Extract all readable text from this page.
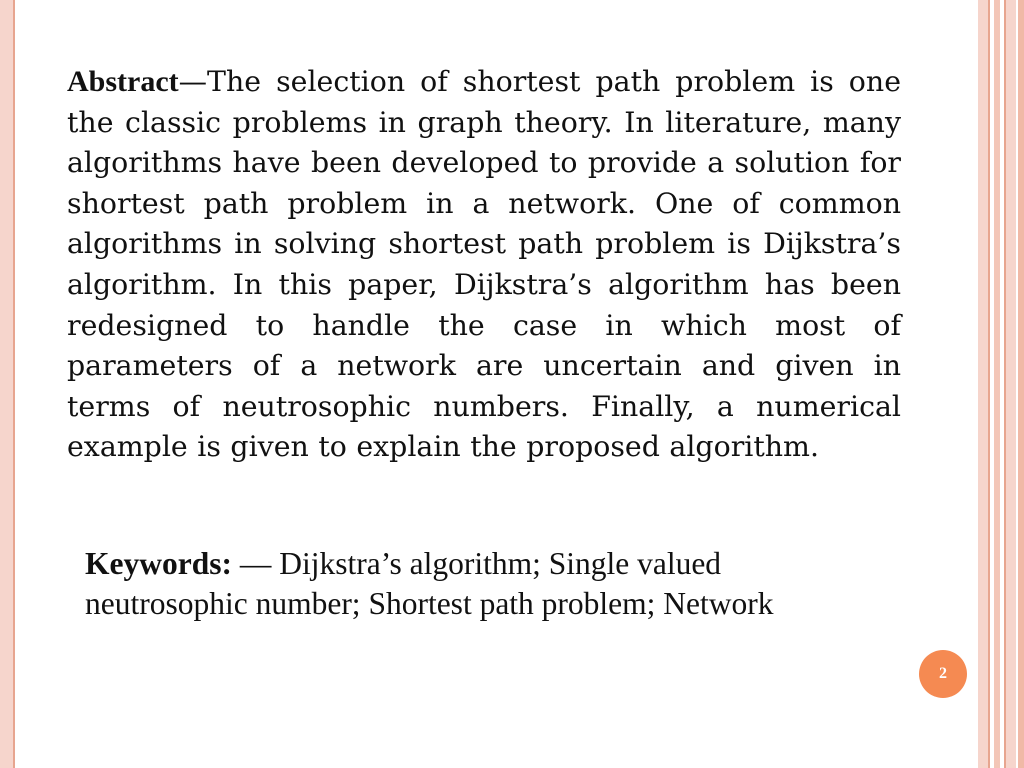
Abstract—The selection of shortest path problem is one the classic problems in graph theory. In literature, many algorithms have been developed to provide a solution for shortest path problem in a network. One of common algorithms in solving shortest path problem is Dijkstra’s algorithm. In this paper, Dijkstra’s algorithm has been redesigned to handle the case in which most of parameters of a network are uncertain and given in terms of neutrosophic numbers. Finally, a numerical example is given to explain the proposed algorithm.
Keywords: — Dijkstra’s algorithm; Single valued neutrosophic number; Shortest path problem; Network
2
